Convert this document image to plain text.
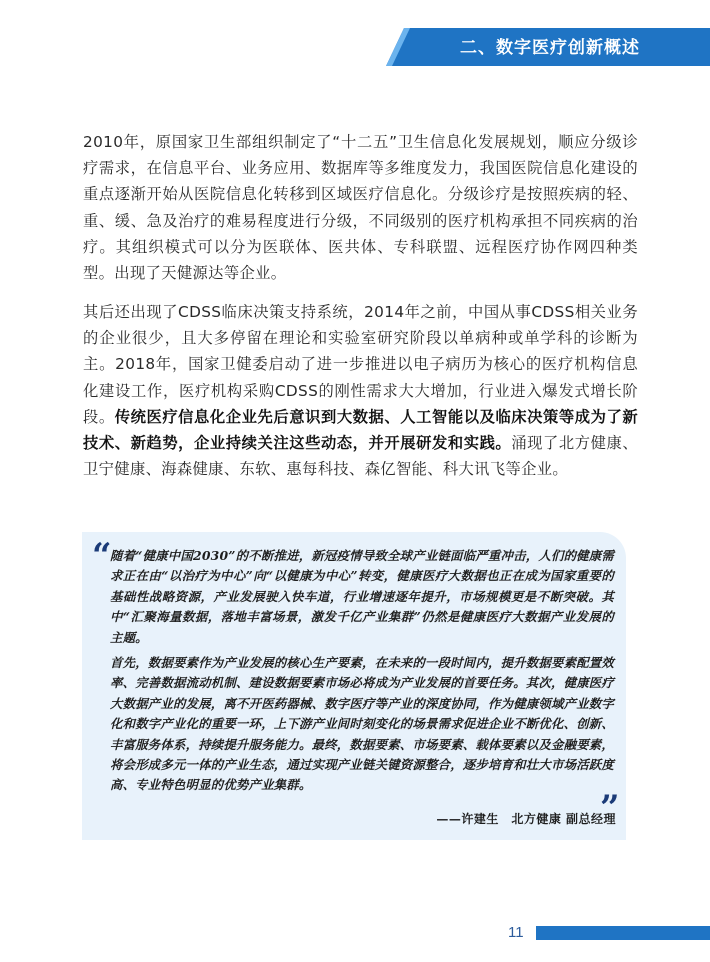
二、数字医疗创新概述

2010年，原国家卫生部组织制定了“十二五”卫生信息化发展规划，顺应分级诊疗需求，在信息平台、业务应用、数据库等多维度发力，我国医院信息化建设的重点逐渐开始从医院信息化转移到区域医疗信息化。分级诊疗是按照疾病的轻、重、缓、急及治疗的难易程度进行分级，不同级别的医疗机构承担不同疾病的治疗。其组织模式可以分为医联体、医共体、专科联盟、远程医疗协作网四种类型。出现了天健源达等企业。

其后还出现了CDSS临床决策支持系统，2014年之前，中国从事CDSS相关业务的企业很少，且大多停留在理论和实验室研究阶段以单病种或单学科的诊断为主。2018年，国家卫健委启动了进一步推进以电子病历为核心的医疗机构信息化建设工作，医疗机构采购CDSS的刚性需求大大增加，行业进入爆发式增长阶段。传统医疗信息化企业先后意识到大数据、人工智能以及临床决策等成为了新技术、新趋势，企业持续关注这些动态，并开展研发和实践。涌现了北方健康、卫宁健康、海森健康、东软、惠每科技、森亿智能、科大讯飞等企业。

“

随着“健康中国2030”的不断推进，新冠疫情导致全球产业链面临严重冲击，人们的健康需求正在由“以治疗为中心”向“以健康为中心”转变，健康医疗大数据也正在成为国家重要的基础性战略资源，产业发展驶入快车道，行业增速逐年提升，市场规模更是不断突破。其中“汇聚海量数据，落地丰富场景，激发千亿产业集群”仍然是健康医疗大数据产业发展的主题。

首先，数据要素作为产业发展的核心生产要素，在未来的一段时间内，提升数据要素配置效率、完善数据流动机制、建设数据要素市场必将成为产业发展的首要任务。其次，健康医疗大数据产业的发展，离不开医药器械、数字医疗等产业的深度协同，作为健康领域产业数字化和数字产业化的重要一环，上下游产业间时刻变化的场景需求促进企业不断优化、创新、丰富服务体系，持续提升服务能力。最终，数据要素、市场要素、载体要素以及金融要素，将会形成多元一体的产业生态，通过实现产业链关键资源整合，逐步培育和壮大市场活跃度高、专业特色明显的优势产业集群。

”
——许建生　北方健康 副总经理
11
